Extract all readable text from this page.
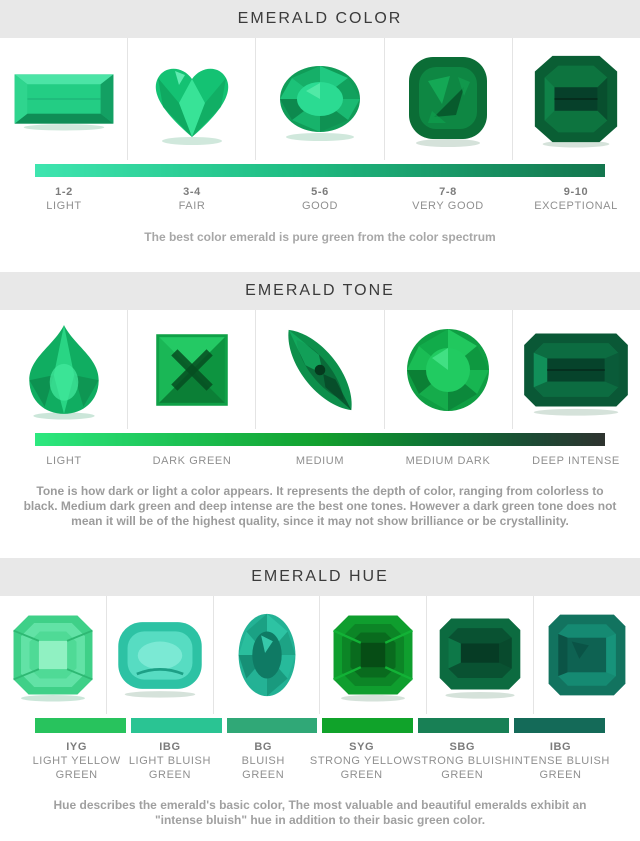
EMERALD COLOR
1-2
LIGHT
3-4
FAIR
5-6
GOOD
7-8
VERY GOOD
9-10
EXCEPTIONAL
The best color emerald is pure green from the color spectrum
EMERALD TONE
LIGHT	DARK GREEN	MEDIUM	MEDIUM DARK	DEEP INTENSE
Tone is how dark or light a color appears. It represents the depth of color, ranging from colorless to black. Medium dark green and deep intense are the best one tones. However a dark green tone does not mean it will be of the highest quality, since it may not show brilliance or be crystallinity.
EMERALD HUE
IYG
LIGHT YELLOW
GREEN
IBG
LIGHT BLUISH
GREEN
BG
BLUISH
GREEN
SYG
STRONG YELLOW
GREEN
SBG
STRONG BLUISH
GREEN
IBG
INTENSE BLUISH
GREEN
Hue describes the emerald's basic color, The most valuable and beautiful emeralds exhibit an "intense bluish" hue in addition to their basic green color.
